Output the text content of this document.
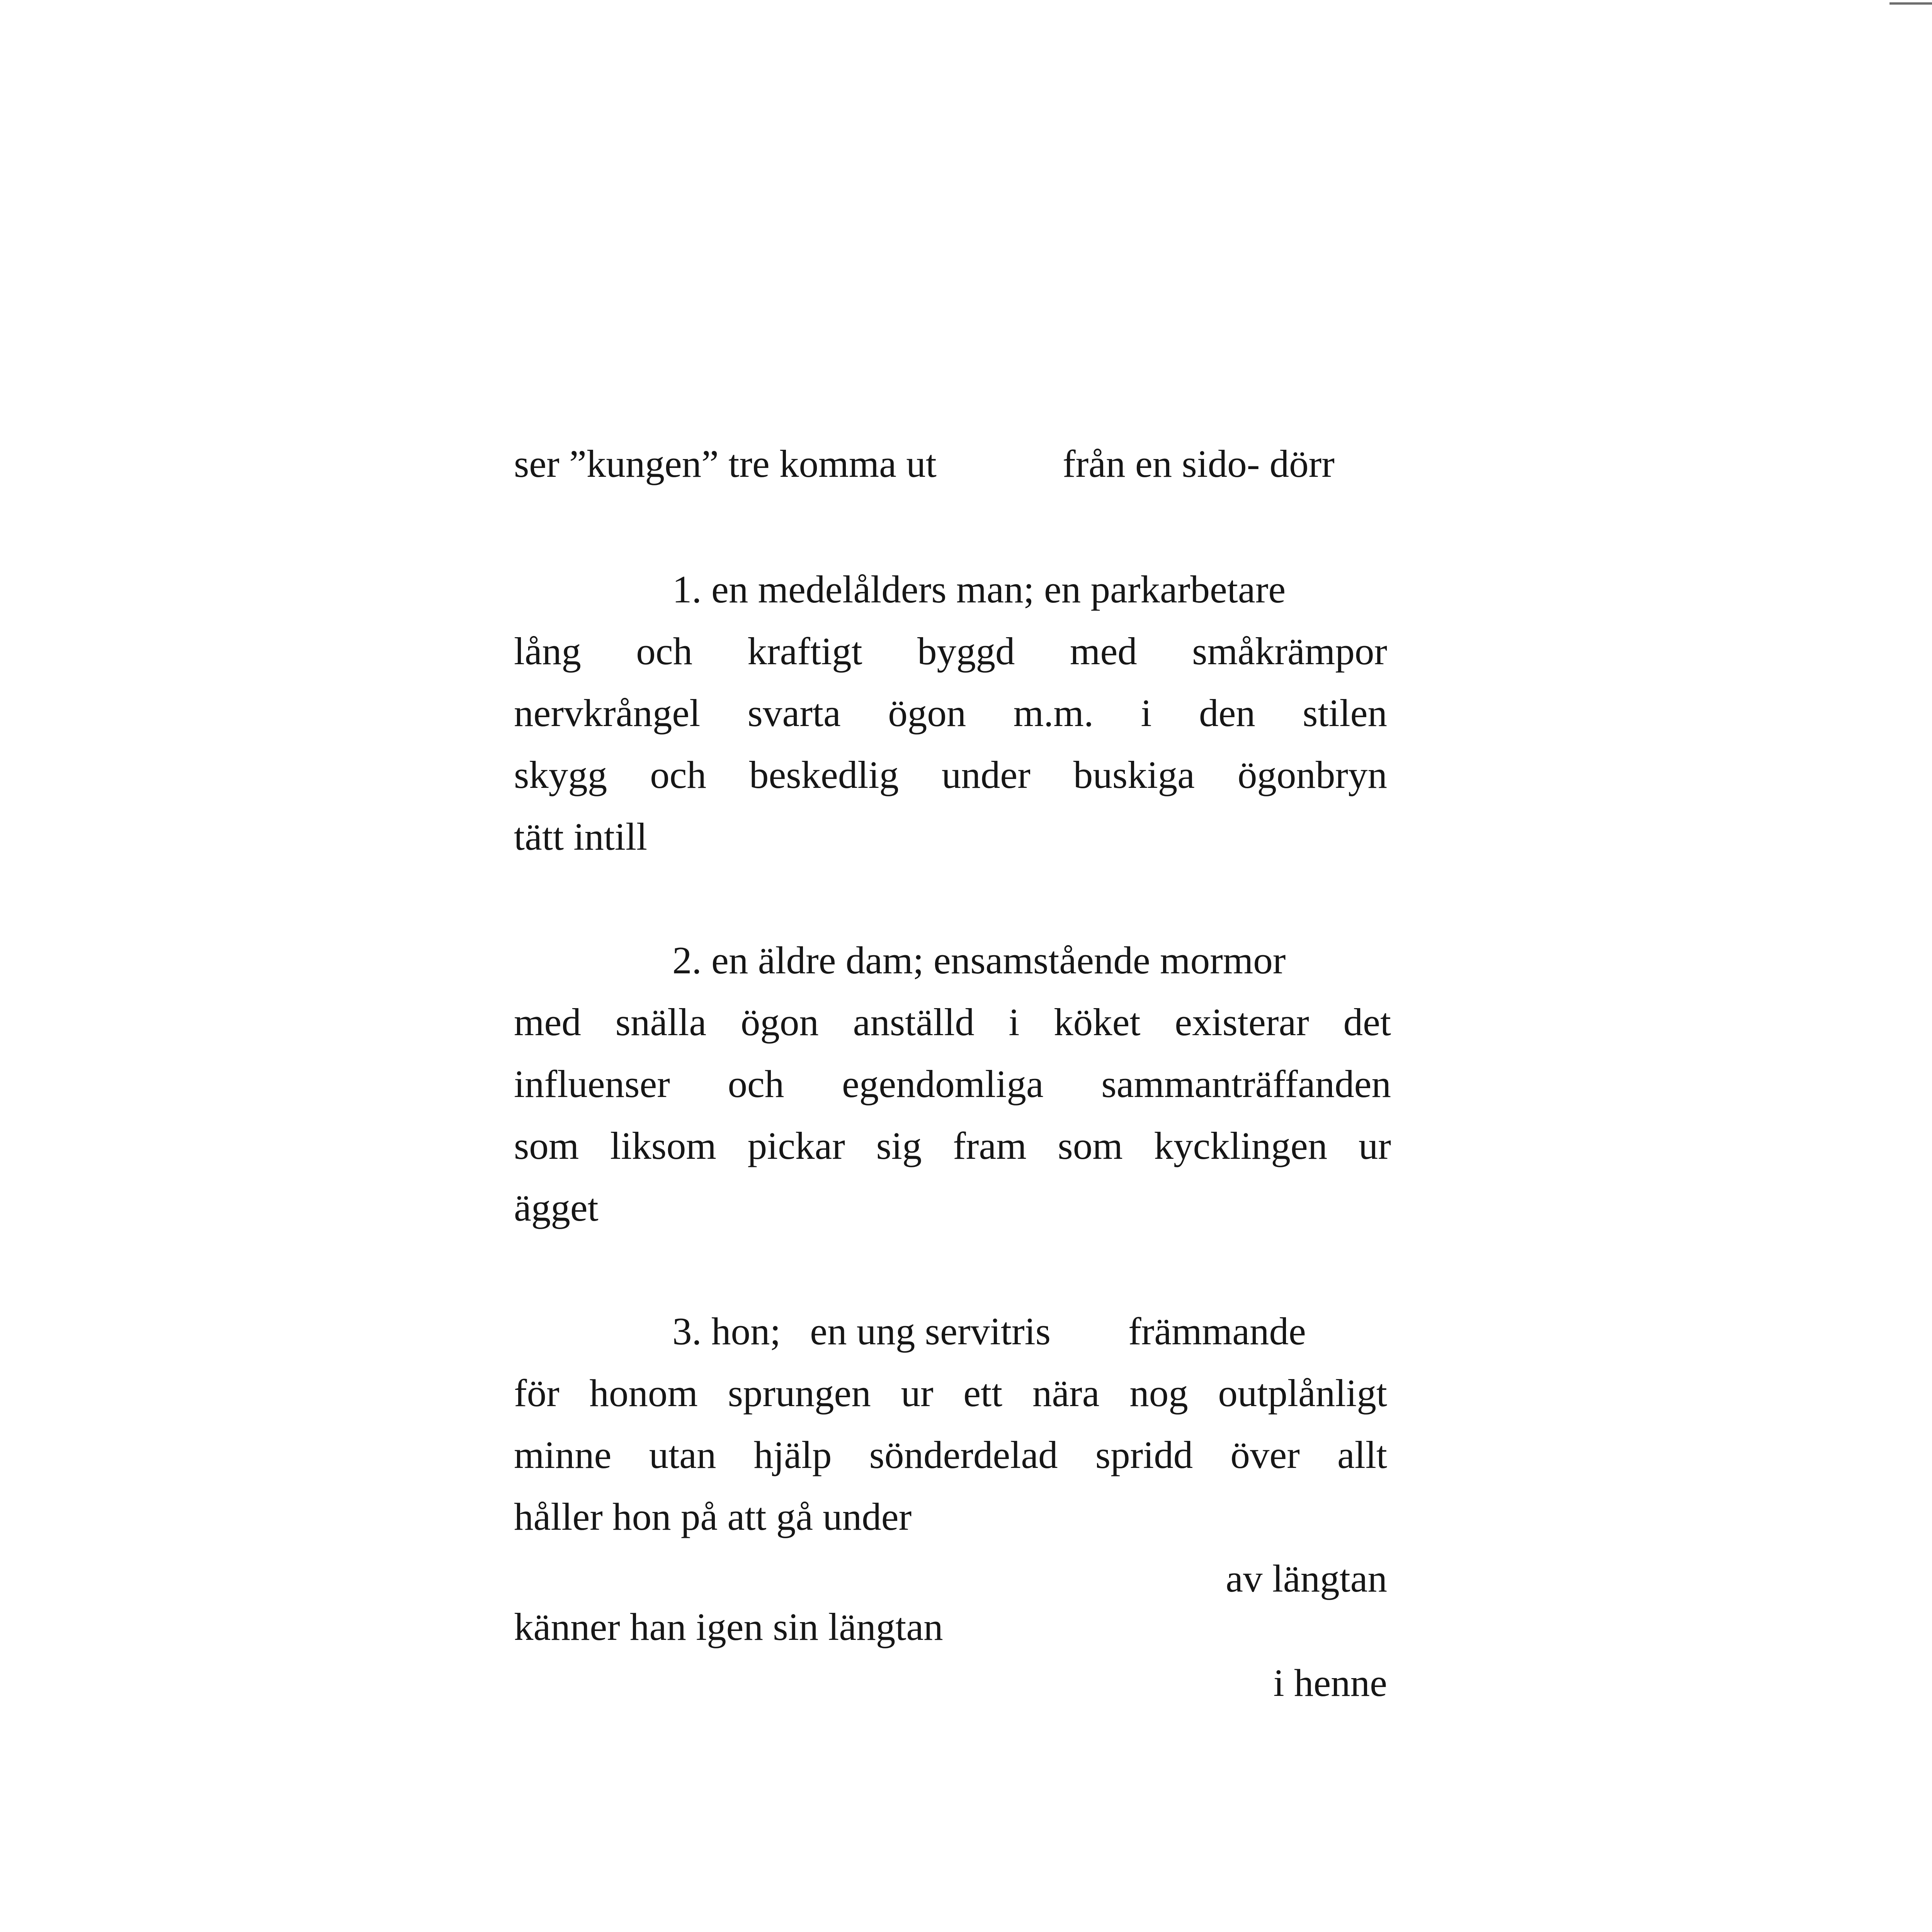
ser ”kungen” tre komma ut	från en sido- dörr

1. en medelålders man; en parkarbetare

lång och kraftigt byggd med småkrämpor

nervkrångel svarta ögon m.m. i den stilen

skygg och beskedlig under buskiga ögonbryn

tätt intill

2. en äldre dam; ensamstående mormor

med snälla ögon anställd i köket existerar det

influenser och egendomliga sammanträffanden

som liksom pickar sig fram som kycklingen ur

ägget

3. hon;   en ung servitris främmande

för honom sprungen ur ett nära nog outplånligt

minne utan hjälp sönderdelad spridd över allt

håller hon på att gå under

av längtan

känner han igen sin längtan

i henne
